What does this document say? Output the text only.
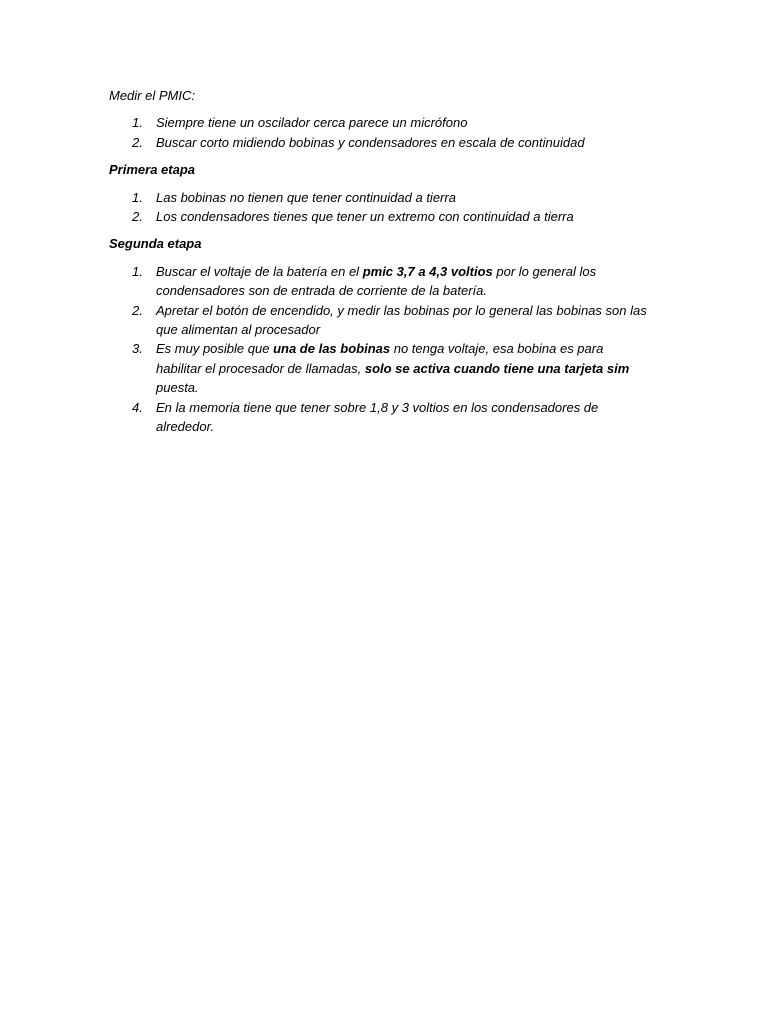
Medir el PMIC:

1. Siempre tiene un oscilador cerca parece un micrófono
2. Buscar corto midiendo bobinas y condensadores en escala de continuidad

Primera etapa

1. Las bobinas no tienen que tener continuidad a tierra
2. Los condensadores tienes que tener un extremo con continuidad a tierra

Segunda etapa

1. Buscar el voltaje de la batería en el pmic 3,7 a 4,3 voltios por lo general los condensadores son de entrada de corriente de la batería.
2. Apretar el botón de encendido, y medir las bobinas por lo general las bobinas son las que alimentan al procesador
3. Es muy posible que una de las bobinas no tenga voltaje, esa bobina es para habilitar el procesador de llamadas, solo se activa cuando tiene una tarjeta sim puesta.
4. En la memoria tiene que tener sobre 1,8 y 3 voltios en los condensadores de alrededor.
